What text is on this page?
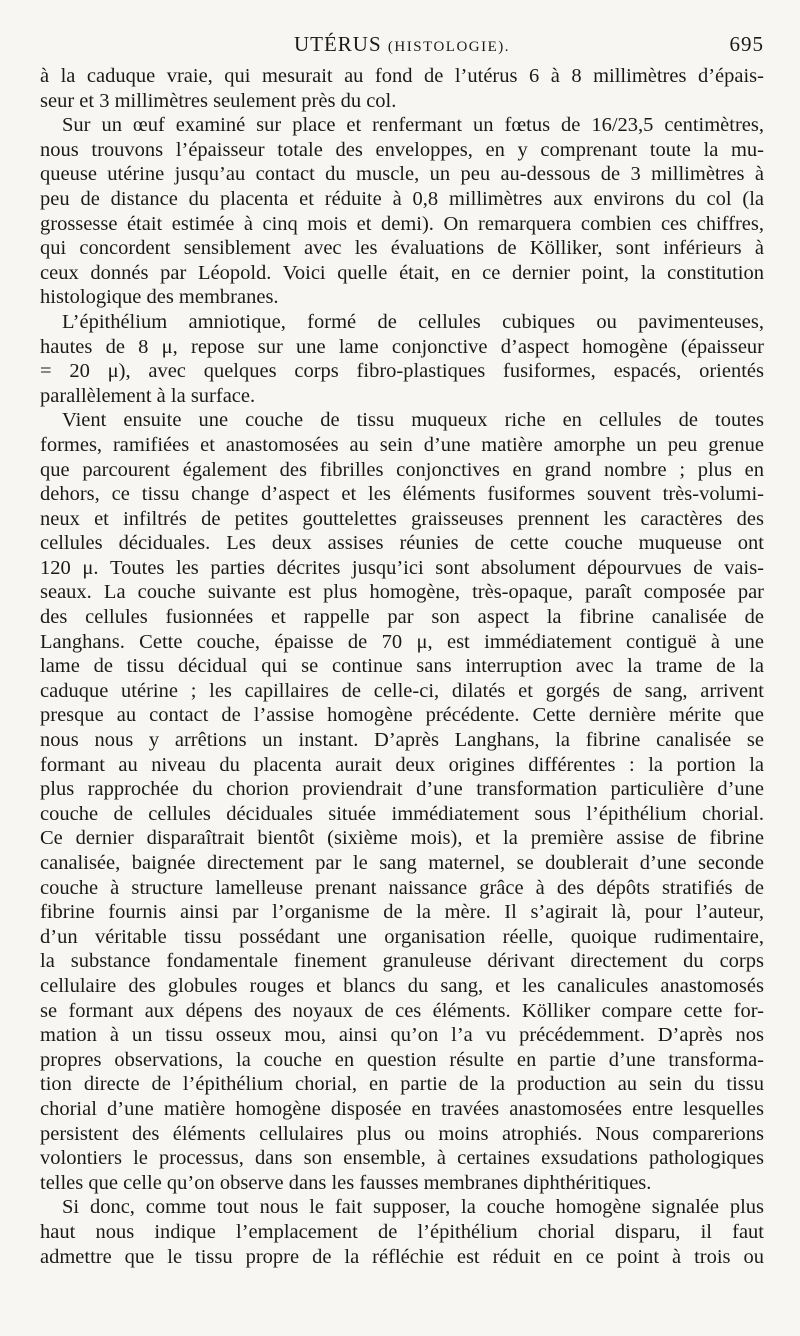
UTÉRUS (HISTOLOGIE).	695

à la caduque vraie, qui mesurait au fond de l’utérus 6 à 8 millimètres d’épais-
seur et 3 millimètres seulement près du col.

Sur un œuf examiné sur place et renfermant un fœtus de 16/23,5 centimètres,
nous trouvons l’épaisseur totale des enveloppes, en y comprenant toute la mu-
queuse utérine jusqu’au contact du muscle, un peu au-dessous de 3 millimètres à
peu de distance du placenta et réduite à 0,8 millimètres aux environs du col (la
grossesse était estimée à cinq mois et demi). On remarquera combien ces chiffres,
qui concordent sensiblement avec les évaluations de Kölliker, sont inférieurs à
ceux donnés par Léopold. Voici quelle était, en ce dernier point, la constitution
histologique des membranes.

L’épithélium amniotique, formé de cellules cubiques ou pavimenteuses,
hautes de 8 μ, repose sur une lame conjonctive d’aspect homogène (épaisseur
= 20 μ), avec quelques corps fibro-plastiques fusiformes, espacés, orientés
parallèlement à la surface.

Vient ensuite une couche de tissu muqueux riche en cellules de toutes
formes, ramifiées et anastomosées au sein d’une matière amorphe un peu grenue
que parcourent également des fibrilles conjonctives en grand nombre ; plus en
dehors, ce tissu change d’aspect et les éléments fusiformes souvent très-volumi-
neux et infiltrés de petites gouttelettes graisseuses prennent les caractères des
cellules déciduales. Les deux assises réunies de cette couche muqueuse ont
120 μ. Toutes les parties décrites jusqu’ici sont absolument dépourvues de vais-
seaux. La couche suivante est plus homogène, très-opaque, paraît composée par
des cellules fusionnées et rappelle par son aspect la fibrine canalisée de
Langhans. Cette couche, épaisse de 70 μ, est immédiatement contiguë à une
lame de tissu décidual qui se continue sans interruption avec la trame de la
caduque utérine ; les capillaires de celle-ci, dilatés et gorgés de sang, arrivent
presque au contact de l’assise homogène précédente. Cette dernière mérite que
nous nous y arrêtions un instant. D’après Langhans, la fibrine canalisée se
formant au niveau du placenta aurait deux origines différentes : la portion la
plus rapprochée du chorion proviendrait d’une transformation particulière d’une
couche de cellules déciduales située immédiatement sous l’épithélium chorial.
Ce dernier disparaîtrait bientôt (sixième mois), et la première assise de fibrine
canalisée, baignée directement par le sang maternel, se doublerait d’une seconde
couche à structure lamelleuse prenant naissance grâce à des dépôts stratifiés de
fibrine fournis ainsi par l’organisme de la mère. Il s’agirait là, pour l’auteur,
d’un véritable tissu possédant une organisation réelle, quoique rudimentaire,
la substance fondamentale finement granuleuse dérivant directement du corps
cellulaire des globules rouges et blancs du sang, et les canalicules anastomosés
se formant aux dépens des noyaux de ces éléments. Kölliker compare cette for-
mation à un tissu osseux mou, ainsi qu’on l’a vu précédemment. D’après nos
propres observations, la couche en question résulte en partie d’une transforma-
tion directe de l’épithélium chorial, en partie de la production au sein du tissu
chorial d’une matière homogène disposée en travées anastomosées entre lesquelles
persistent des éléments cellulaires plus ou moins atrophiés. Nous comparerions
volontiers le processus, dans son ensemble, à certaines exsudations pathologiques
telles que celle qu’on observe dans les fausses membranes diphthéritiques.

Si donc, comme tout nous le fait supposer, la couche homogène signalée plus
haut nous indique l’emplacement de l’épithélium chorial disparu, il faut
admettre que le tissu propre de la réfléchie est réduit en ce point à trois ou
